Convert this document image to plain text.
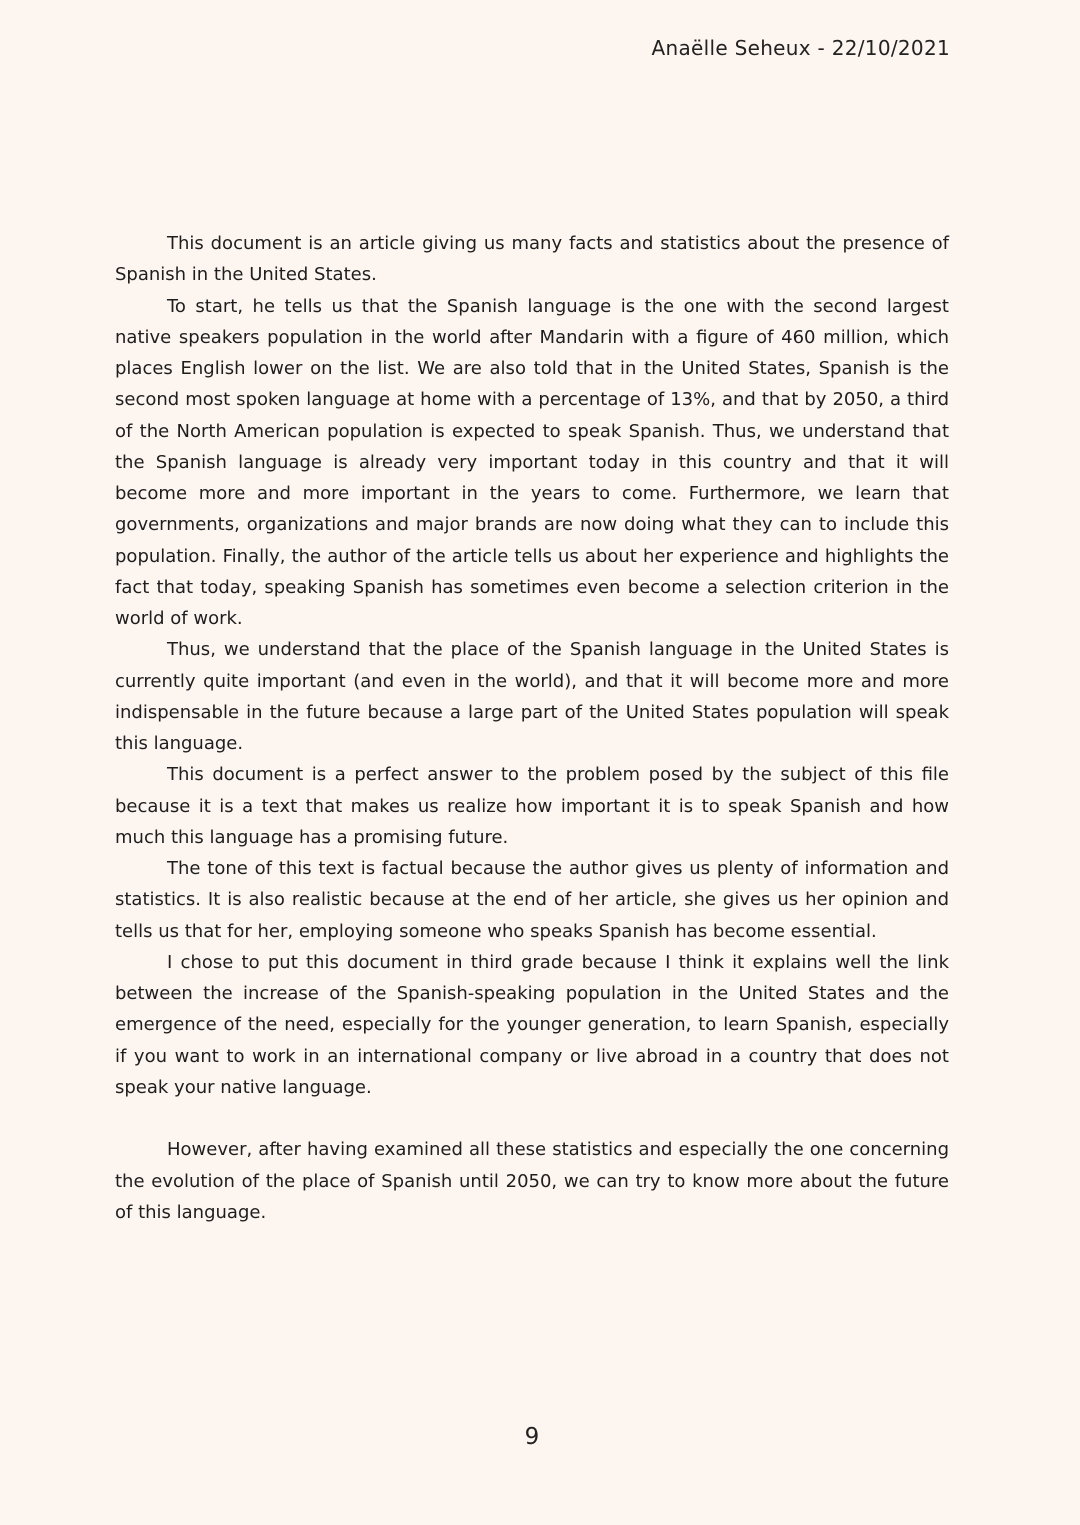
Anaëlle Seheux - 22/10/2021

This document is an article giving us many facts and statistics about the presence of Spanish in the United States.

To start, he tells us that the Spanish language is the one with the second largest native speakers population in the world after Mandarin with a figure of 460 million, which places English lower on the list. We are also told that in the United States, Spanish is the second most spoken language at home with a percentage of 13%, and that by 2050, a third of the North American population is expected to speak Spanish. Thus, we understand that the Spanish language is already very important today in this country and that it will become more and more important in the years to come. Furthermore, we learn that governments, organizations and major brands are now doing what they can to include this population. Finally, the author of the article tells us about her experience and highlights the fact that today, speaking Spanish has sometimes even become a selection criterion in the world of work.

Thus, we understand that the place of the Spanish language in the United States is currently quite important (and even in the world), and that it will become more and more indispensable in the future because a large part of the United States population will speak this language.

This document is a perfect answer to the problem posed by the subject of this file because it is a text that makes us realize how important it is to speak Spanish and how much this language has a promising future.

The tone of this text is factual because the author gives us plenty of information and statistics. It is also realistic because at the end of her article, she gives us her opinion and tells us that for her, employing someone who speaks Spanish has become essential.

I chose to put this document in third grade because I think it explains well the link between the increase of the Spanish-speaking population in the United States and the emergence of the need, especially for the younger generation, to learn Spanish, especially if you want to work in an international company or live abroad in a country that does not speak your native language.

However, after having examined all these statistics and especially the one concerning the evolution of the place of Spanish until 2050, we can try to know more about the future of this language.

9
